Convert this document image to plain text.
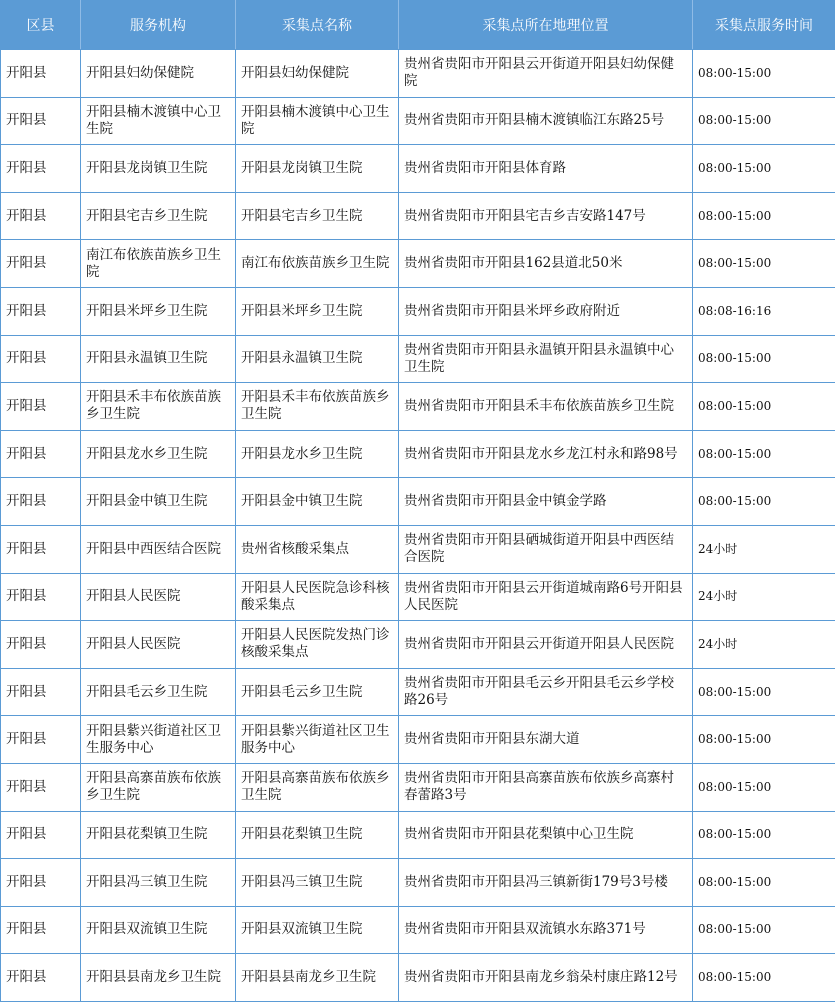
区县	服务机构	采集点名称	采集点所在地理位置	采集点服务时间
开阳县	开阳县妇幼保健院	开阳县妇幼保健院	贵州省贵阳市开阳县云开街道开阳县妇幼保健院	08:00-15:00
开阳县	开阳县楠木渡镇中心卫生院	开阳县楠木渡镇中心卫生院	贵州省贵阳市开阳县楠木渡镇临江东路25号	08:00-15:00
开阳县	开阳县龙岗镇卫生院	开阳县龙岗镇卫生院	贵州省贵阳市开阳县体育路	08:00-15:00
开阳县	开阳县宅吉乡卫生院	开阳县宅吉乡卫生院	贵州省贵阳市开阳县宅吉乡吉安路147号	08:00-15:00
开阳县	南江布依族苗族乡卫生院	南江布依族苗族乡卫生院	贵州省贵阳市开阳县162县道北50米	08:00-15:00
开阳县	开阳县米坪乡卫生院	开阳县米坪乡卫生院	贵州省贵阳市开阳县米坪乡政府附近	08:08-16:16
开阳县	开阳县永温镇卫生院	开阳县永温镇卫生院	贵州省贵阳市开阳县永温镇开阳县永温镇中心卫生院	08:00-15:00
开阳县	开阳县禾丰布依族苗族乡卫生院	开阳县禾丰布依族苗族乡卫生院	贵州省贵阳市开阳县禾丰布依族苗族乡卫生院	08:00-15:00
开阳县	开阳县龙水乡卫生院	开阳县龙水乡卫生院	贵州省贵阳市开阳县龙水乡龙江村永和路98号	08:00-15:00
开阳县	开阳县金中镇卫生院	开阳县金中镇卫生院	贵州省贵阳市开阳县金中镇金学路	08:00-15:00
开阳县	开阳县中西医结合医院	贵州省核酸采集点	贵州省贵阳市开阳县硒城街道开阳县中西医结合医院	24小时
开阳县	开阳县人民医院	开阳县人民医院急诊科核酸采集点	贵州省贵阳市开阳县云开街道城南路6号开阳县人民医院	24小时
开阳县	开阳县人民医院	开阳县人民医院发热门诊核酸采集点	贵州省贵阳市开阳县云开街道开阳县人民医院	24小时
开阳县	开阳县毛云乡卫生院	开阳县毛云乡卫生院	贵州省贵阳市开阳县毛云乡开阳县毛云乡学校路26号	08:00-15:00
开阳县	开阳县紫兴街道社区卫生服务中心	开阳县紫兴街道社区卫生服务中心	贵州省贵阳市开阳县东湖大道	08:00-15:00
开阳县	开阳县高寨苗族布依族乡卫生院	开阳县高寨苗族布依族乡卫生院	贵州省贵阳市开阳县高寨苗族布依族乡高寨村春蕾路3号	08:00-15:00
开阳县	开阳县花梨镇卫生院	开阳县花梨镇卫生院	贵州省贵阳市开阳县花梨镇中心卫生院	08:00-15:00
开阳县	开阳县冯三镇卫生院	开阳县冯三镇卫生院	贵州省贵阳市开阳县冯三镇新街179号3号楼	08:00-15:00
开阳县	开阳县双流镇卫生院	开阳县双流镇卫生院	贵州省贵阳市开阳县双流镇水东路371号	08:00-15:00
开阳县	开阳县县南龙乡卫生院	开阳县县南龙乡卫生院	贵州省贵阳市开阳县南龙乡翁朵村康庄路12号	08:00-15:00
